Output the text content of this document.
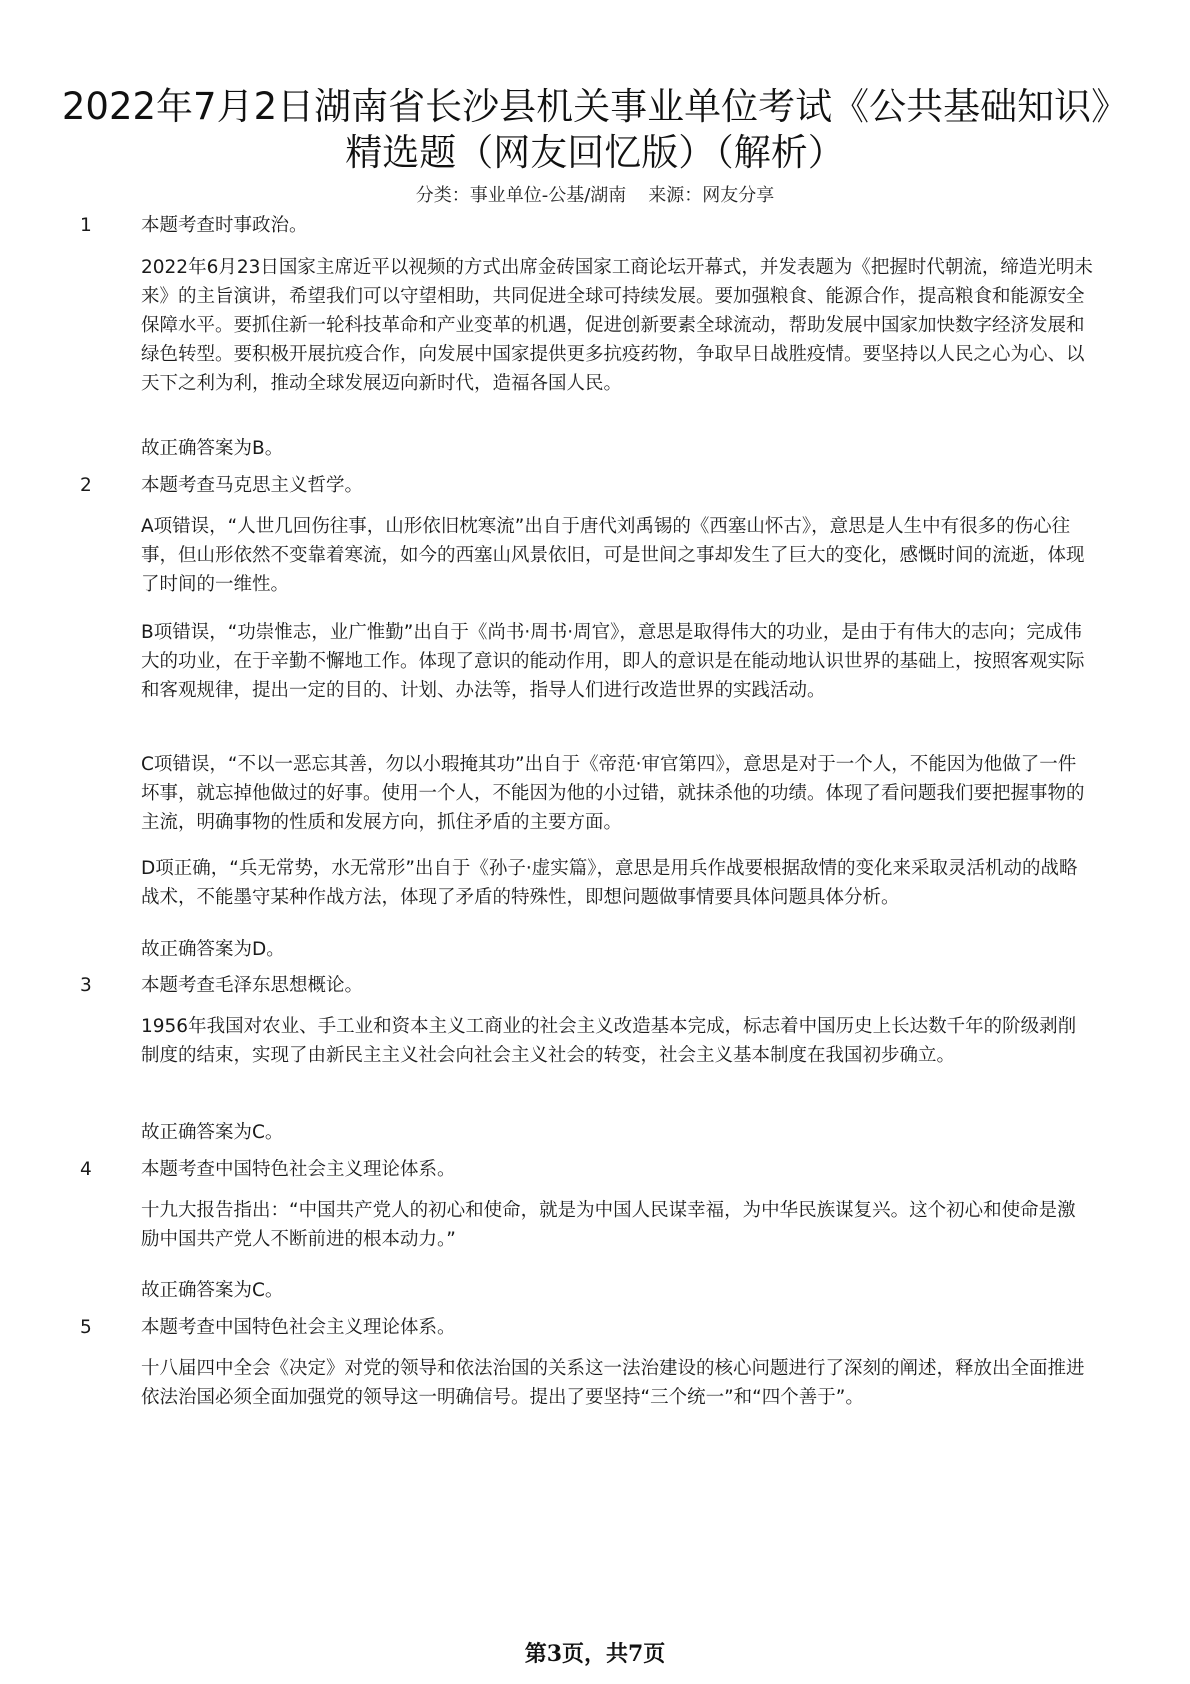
2022年7月2日湖南省长沙县机关事业单位考试《公共基础知识》
精选题（网友回忆版）（解析）
分类：事业单位-公基/湖南 来源：网友分享
1	本题考查时事政治。

2022年6月23日国家主席近平以视频的方式出席金砖国家工商论坛开幕式，并发表题为《把握时代朝流，缔造光明未来》的主旨演讲，希望我们可以守望相助，共同促进全球可持续发展。要加强粮食、能源合作，提高粮食和能源安全保障水平。要抓住新一轮科技革命和产业变革的机遇，促进创新要素全球流动，帮助发展中国家加快数字经济发展和绿色转型。要积极开展抗疫合作，向发展中国家提供更多抗疫药物，争取早日战胜疫情。要坚持以人民之心为心、以天下之利为利，推动全球发展迈向新时代，造福各国人民。

故正确答案为B。

2	本题考查马克思主义哲学。

A项错误，“人世几回伤往事，山形依旧枕寒流”出自于唐代刘禹锡的《西塞山怀古》，意思是人生中有很多的伤心往事，但山形依然不变靠着寒流，如今的西塞山风景依旧，可是世间之事却发生了巨大的变化，感慨时间的流逝，体现了时间的一维性。

B项错误，“功崇惟志，业广惟勤”出自于《尚书·周书·周官》，意思是取得伟大的功业，是由于有伟大的志向；完成伟大的功业，在于辛勤不懈地工作。体现了意识的能动作用，即人的意识是在能动地认识世界的基础上，按照客观实际和客观规律，提出一定的目的、计划、办法等，指导人们进行改造世界的实践活动。

C项错误，“不以一恶忘其善，勿以小瑕掩其功”出自于《帝范·审官第四》，意思是对于一个人，不能因为他做了一件坏事，就忘掉他做过的好事。使用一个人，不能因为他的小过错，就抹杀他的功绩。体现了看问题我们要把握事物的主流，明确事物的性质和发展方向，抓住矛盾的主要方面。

D项正确，“兵无常势，水无常形”出自于《孙子·虚实篇》，意思是用兵作战要根据敌情的变化来采取灵活机动的战略战术，不能墨守某种作战方法，体现了矛盾的特殊性，即想问题做事情要具体问题具体分析。

故正确答案为D。

3	本题考查毛泽东思想概论。

1956年我国对农业、手工业和资本主义工商业的社会主义改造基本完成，标志着中国历史上长达数千年的阶级剥削制度的结束，实现了由新民主主义社会向社会主义社会的转变，社会主义基本制度在我国初步确立。

故正确答案为C。

4	本题考查中国特色社会主义理论体系。

十九大报告指出：“中国共产党人的初心和使命，就是为中国人民谋幸福，为中华民族谋复兴。这个初心和使命是激励中国共产党人不断前进的根本动力。”

故正确答案为C。

5	本题考查中国特色社会主义理论体系。

十八届四中全会《决定》对党的领导和依法治国的关系这一法治建设的核心问题进行了深刻的阐述，释放出全面推进依法治国必须全面加强党的领导这一明确信号。提出了要坚持“三个统一”和“四个善于”。

第3页，共7页
